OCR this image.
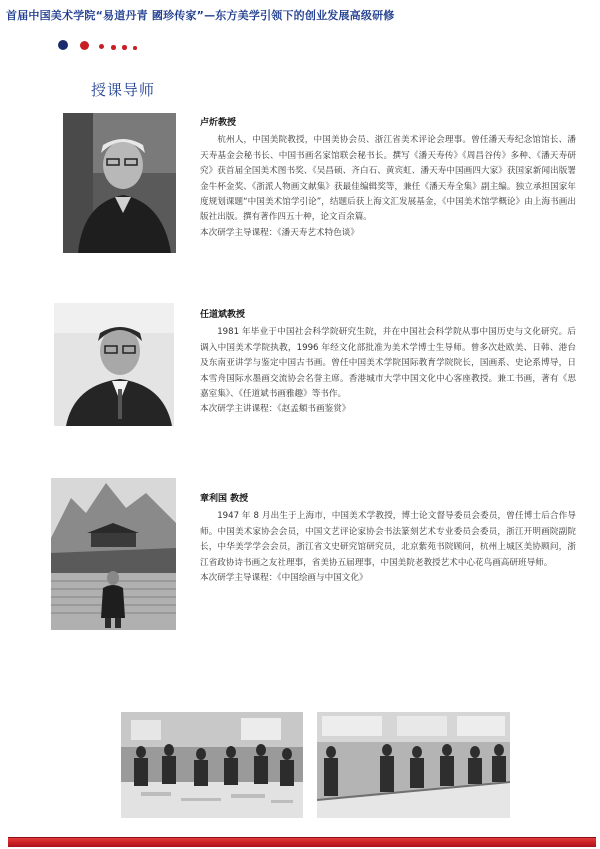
首届中国美术学院“易道丹青 國珍传家”—东方美学引领下的创业发展高级研修
授课导师
卢炘教授

杭州人，中国美院教授，中国美协会员、浙江省美术评论会理事。曾任潘天寿纪念馆馆长、潘天寿基金会秘书长、中国书画名家馆联会秘书长。撰写《潘天寿传》《周昌谷传》多种、《潘天寿研究》获首届全国美术图书奖、《吴昌硕、齐白石、黄宾虹、潘天寿中国画四大家》获国家新闻出版署金牛杯金奖、《浙派人物画文献集》获最佳编辑奖等，兼任《潘天寿全集》副主编。独立承担国家年度规划课题“中国美术馆学引论”，结题后获上海文汇发展基金，《中国美术馆学概论》由上海书画出版社出版。撰有著作四五十种，论文百余篇。

本次研学主导课程：《潘天寿艺术特色谈》

任道斌教授

1981 年毕业于中国社会科学院研究生院，并在中国社会科学院从事中国历史与文化研究。后调入中国美术学院执教，1996 年经文化部批准为美术学博士生导师。曾多次赴欧美、日韩、港台及东南亚讲学与鉴定中国古书画。曾任中国美术学院国际教育学院院长，国画系、史论系博导，日本雪舟国际水墨画交流协会名誉主席。香港城市大学中国文化中心客座教授。兼工书画，著有《思嘉室集》、《任道斌书画雅趣》等书作。

本次研学主讲课程：《赵孟頫书画鉴赏》

章利国 教授

1947 年 8 月出生于上海市，中国美术学教授，博士论文督导委员会委员，曾任博士后合作导师。中国美术家协会会员，中国文艺评论家协会书法篆刻艺术专业委员会委员，浙江开明画院副院长，中华美学学会会员，浙江省文史研究馆研究员，北京紫苑书院顾问，杭州上城区美协顾问，浙江省政协诗书画之友社理事，省美协五届理事，中国美院老教授艺术中心花鸟画高研班导师。

本次研学主导课程：《中国绘画与中国文化》
